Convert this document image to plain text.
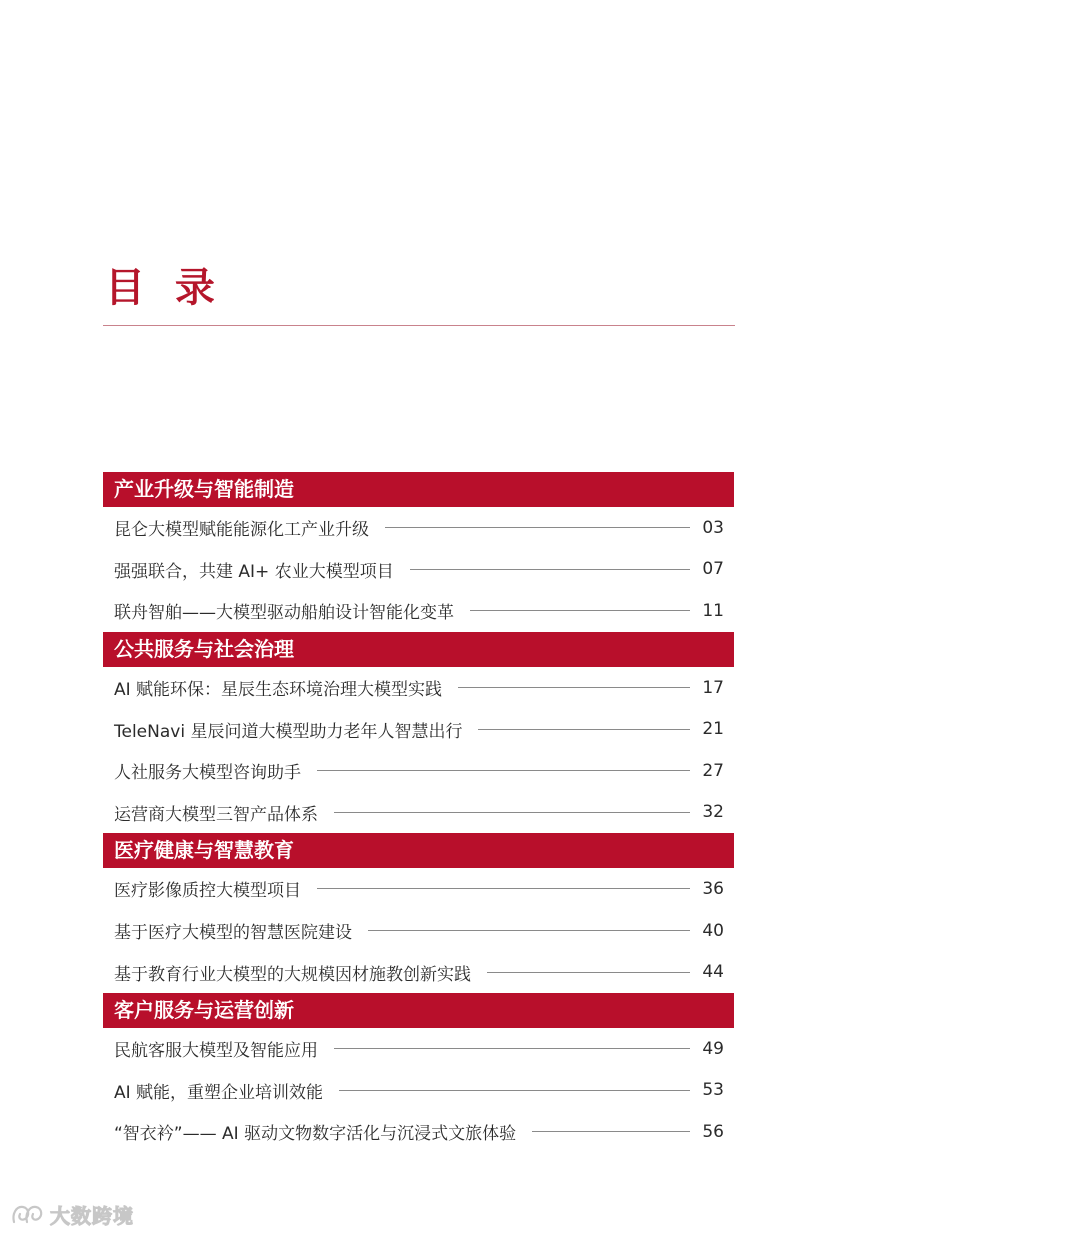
目 录
产业升级与智能制造
昆仑大模型赋能能源化工产业升级	03
强强联合，共建 AI+ 农业大模型项目	07
联舟智舶——大模型驱动船舶设计智能化变革	11
公共服务与社会治理
AI 赋能环保：星辰生态环境治理大模型实践	17
TeleNavi 星辰问道大模型助力老年人智慧出行	21
人社服务大模型咨询助手	27
运营商大模型三智产品体系	32
医疗健康与智慧教育
医疗影像质控大模型项目	36
基于医疗大模型的智慧医院建设	40
基于教育行业大模型的大规模因材施教创新实践	44
客户服务与运营创新
民航客服大模型及智能应用	49
AI 赋能，重塑企业培训效能	53
“智衣衿”—— AI 驱动文物数字活化与沉浸式文旅体验	56
大数跨境
